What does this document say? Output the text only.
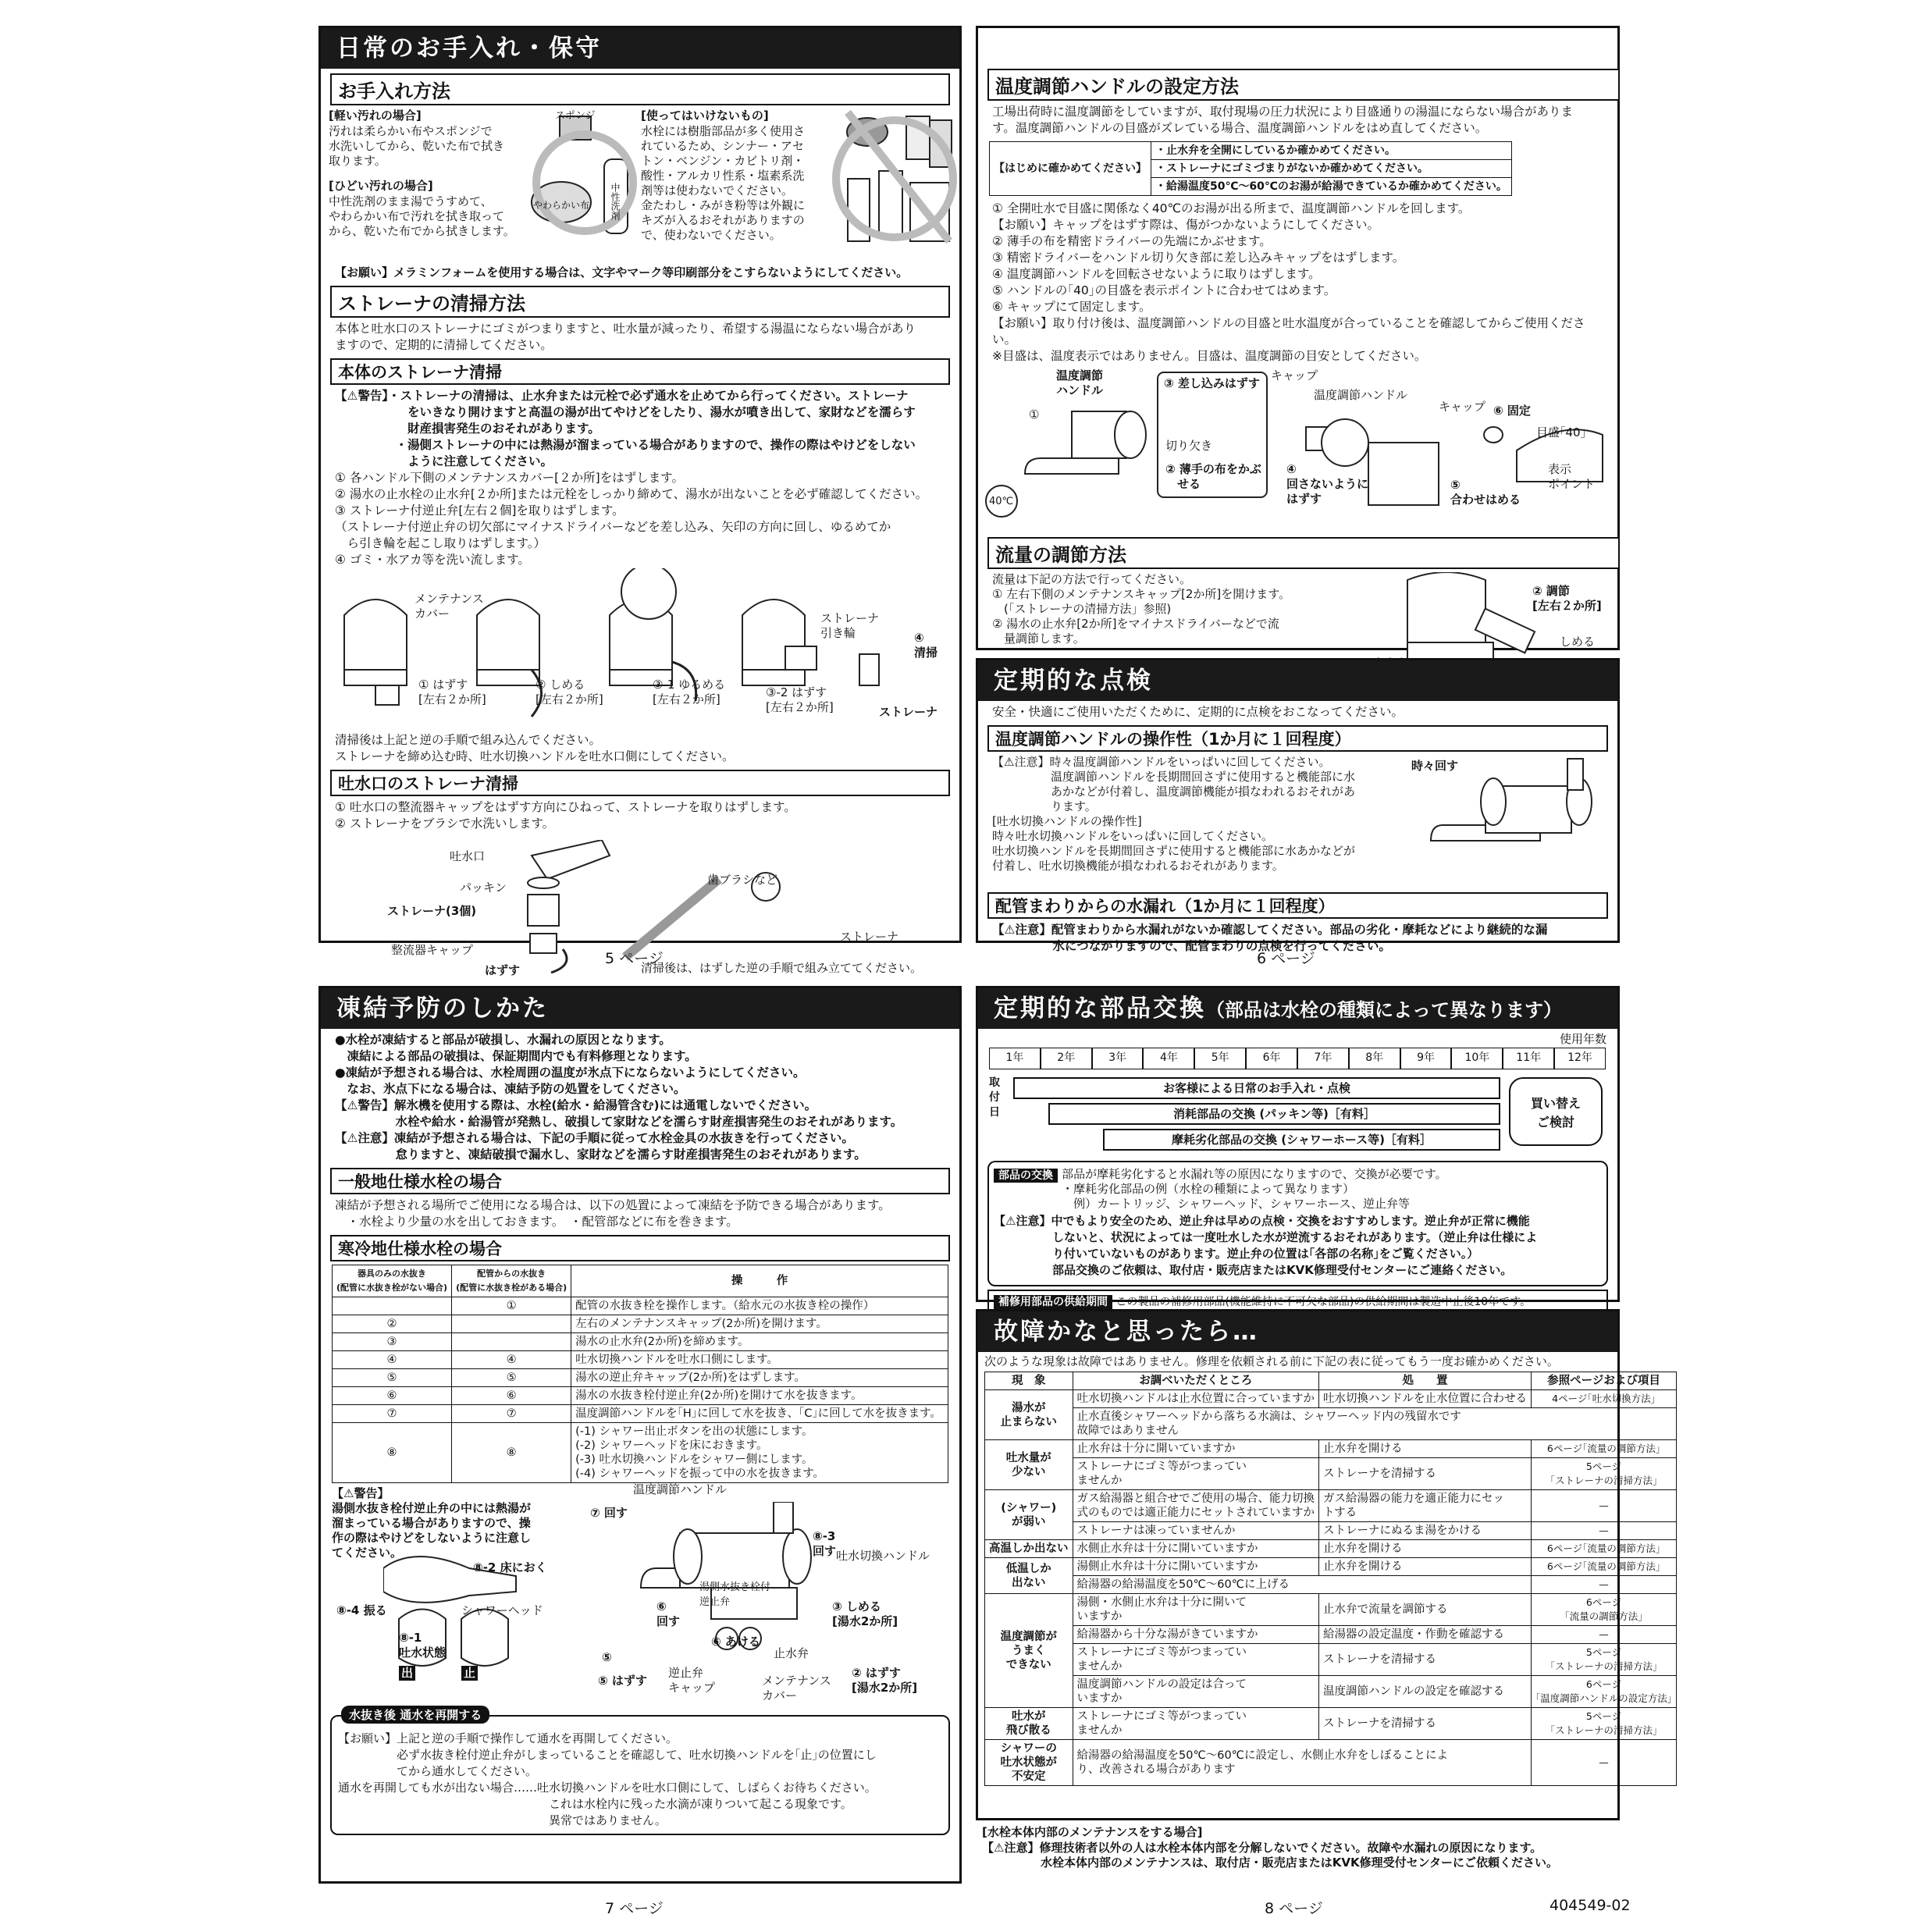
日常のお手入れ・保守
お手入れ方法
[軽い汚れの場合]
汚れは柔らかい布やスポンジで
水洗いしてから、乾いた布で拭き
取ります。
[ひどい汚れの場合]
中性洗剤のまま湯でうすめて、
やわらかい布で汚れを拭き取って
から、乾いた布でから拭きします。
スポンジ
やわらかい布 中性洗剤
[使ってはいけないもの]
水栓には樹脂部品が多く使用さ
れているため、シンナー・アセ
トン・ベンジン・カビトリ剤・
酸性・アルカリ性系・塩素系洗
剤等は使わないでください。
金たわし・みがき粉等は外観に
キズが入るおそれがありますの
で、使わないでください。
【お願い】メラミンフォームを使用する場合は、文字やマーク等印刷部分をこすらないようにしてください。
ストレーナの清掃方法
本体と吐水口のストレーナにゴミがつまりますと、吐水量が減ったり、希望する湯温にならない場合があり
ますので、定期的に清掃してください。
本体のストレーナ清掃
【⚠警告】・ストレーナの清掃は、止水弁または元栓で必ず通水を止めてから行ってください。ストレーナ
　　　　　　をいきなり開けますと高温の湯が出てやけどをしたり、湯水が噴き出して、家財などを濡らす
　　　　　　財産損害発生のおそれがあります。
　　　　　・湯側ストレーナの中には熱湯が溜まっている場合がありますので、操作の際はやけどをしない
　　　　　　ように注意してください。
① 各ハンドル下側のメンテナンスカバー[２か所]をはずします。
② 湯水の止水栓の止水弁[２か所]または元栓をしっかり締めて、湯水が出ないことを必ず確認してください。
③ ストレーナ付逆止弁[左右２個]を取りはずします。
（ストレーナ付逆止弁の切欠部にマイナスドライバーなどを差し込み、矢印の方向に回し、ゆるめてか
　ら引き輪を起こし取りはずします。）
④ ゴミ・水アカ等を洗い流します。
メンテナンス
カバー
① はずす
[左右２か所]
② しめる
[左右２か所]
③-1 ゆるめる
[左右２か所]	③-2 はずす
[左右２か所]
ストレーナ
引き輪	④
清掃
ストレーナ
清掃後は上記と逆の手順で組み込んでください。
ストレーナを締め込む時、吐水切換ハンドルを吐水口側にしてください。
吐水口のストレーナ清掃
① 吐水口の整流器キャップをはずす方向にひねって、ストレーナを取りはずします。
② ストレーナをブラシで水洗いします。
吐水口
パッキン
ストレーナ(3個)
整流器キャップ
はずす
歯ブラシなど
ストレーナ
清掃後は、はずした逆の手順で組み立ててください。
5 ページ
温度調節ハンドルの設定方法
工場出荷時に温度調節をしていますが、取付現場の圧力状況により目盛通りの湯温にならない場合がありま
す。温度調節ハンドルの目盛がズレている場合、温度調節ハンドルをはめ直してください。
【はじめに確かめてください】	・止水弁を全開にしているか確かめてください。
・ストレーナにゴミづまりがないか確かめてください。
・給湯温度50℃～60℃のお湯が給湯できているか確かめてください。
① 全開吐水で目盛に関係なく40℃のお湯が出る所まで、温度調節ハンドルを回します。
【お願い】キャップをはずす際は、傷がつかないようにしてください。
② 薄手の布を精密ドライバーの先端にかぶせます。
③ 精密ドライバーをハンドル切り欠き部に差し込みキャップをはずします。
④ 温度調節ハンドルを回転させないように取りはずします。
⑤ ハンドルの｢40｣の目盛を表示ポイントに合わせてはめます。
⑥ キャップにて固定します。
【お願い】取り付け後は、温度調節ハンドルの目盛と吐水温度が合っていることを確認してからご使用ください。
※目盛は、温度表示ではありません。目盛は、温度調節の目安としてください。
温度調節
ハンドル
①
40℃
③ 差し込みはずす
切り欠き
② 薄手の布をかぶ
　せる
キャップ
温度調節ハンドル
④
回さないように
はずす
キャップ ⑥ 固定
目盛｢40｣
表示
ポイント
⑤
合わせはめる
流量の調節方法
流量は下記の方法で行ってください。
① 左右下側のメンテナンスキャップ[2か所]を開けます。
　(「ストレーナの清掃方法」参照)
② 湯水の止水弁[2か所]をマイナスドライバーなどで流
　量調節します。
② 調節
[左右２か所]
しめる
定期的な点検
安全・快適にご使用いただくために、定期的に点検をおこなってください。
温度調節ハンドルの操作性（1か月に１回程度）
【⚠注意】時々温度調節ハンドルをいっぱいに回してください。
　　　　　温度調節ハンドルを長期間回さずに使用すると機能部に水
　　　　　あかなどが付着し、温度調節機能が損なわれるおそれがあ
　　　　　ります。
[吐水切換ハンドルの操作性]
時々吐水切換ハンドルをいっぱいに回してください。
吐水切換ハンドルを長期間回さずに使用すると機能部に水あかなどが
付着し、吐水切換機能が損なわれるおそれがあります。
時々回す
配管まわりからの水漏れ（1か月に１回程度）
【⚠注意】配管まわりから水漏れがないか確認してください。部品の劣化・摩耗などにより継続的な漏
　　　　　水につながりますので、配管まわりの点検を行ってください。
6 ページ
凍結予防のしかた
●水栓が凍結すると部品が破損し、水漏れの原因となります。
　凍結による部品の破損は、保証期間内でも有料修理となります。
●凍結が予想される場合は、水栓周囲の温度が氷点下にならないようにしてください。
　なお、氷点下になる場合は、凍結予防の処置をしてください。
【⚠警告】解氷機を使用する際は、水栓(給水・給湯管含む)には通電しないでください。
　　　　　水栓や給水・給湯管が発熱し、破損して家財などを濡らす財産損害発生のおそれがあります。
【⚠注意】凍結が予想される場合は、下記の手順に従って水栓金具の水抜きを行ってください。
　　　　　怠りますと、凍結破損で漏水し、家財などを濡らす財産損害発生のおそれがあります。
一般地仕様水栓の場合
凍結が予想される場所でご使用になる場合は、以下の処置によって凍結を予防できる場合があります。
　・水栓より少量の水を出しておきます。　・配管部などに布を巻きます。
寒冷地仕様水栓の場合
器具のみの水抜き
(配管に水抜き栓がない場合)	配管からの水抜き
(配管に水抜き栓がある場合)	操　　　作
	①	配管の水抜き栓を操作します。（給水元の水抜き栓の操作）
②		左右のメンテナンスキャップ(2か所)を開けます。
③		湯水の止水弁(2か所)を締めます。
④	④	吐水切換ハンドルを吐水口側にします。
⑤	⑤	湯水の逆止弁キャップ(2か所)をはずします。
⑥	⑥	湯水の水抜き栓付逆止弁(2か所)を開けて水を抜きます。
⑦	⑦	温度調節ハンドルを｢H｣に回して水を抜き、｢C｣に回して水を抜きます。
⑧	⑧	(-1) シャワー出止ボタンを出の状態にします。
(-2) シャワーヘッドを床におきます。
(-3) 吐水切換ハンドルをシャワー側にします。
(-4) シャワーヘッドを振って中の水を抜きます。
【⚠警告】
湯側水抜き栓付逆止弁の中には熱湯が
溜まっている場合がありますので、操
作の際はやけどをしないように注意し
てください。
温度調節ハンドル
⑦ 回す
⑧-3
回す 吐水切換ハンドル
⑧-2 床におく
湯側水抜き栓付
逆止弁
⑧-4 振る	シャワーヘッド	③ しめる
[湯水2か所]
⑥
回す
⑥ あける
止水弁
⑧-1
吐水状態
出	止
⑤
⑤ はずす
逆止弁
キャップ	メンテナンス
カバー
② はずす
[湯水2か所]
水抜き後 通水を再開する
【お願い】上記と逆の手順で操作して通水を再開してください。
　　　　　必ず水抜き栓付逆止弁がしまっていることを確認して、吐水切換ハンドルを｢止｣の位置にし
　　　　　てから通水してください。
通水を再開しても水が出ない場合……吐水切換ハンドルを吐水口側にして、しばらくお待ちください。
　　　　　　　　　　　　　　　　　　これは水栓内に残った水滴が凍りついて起こる現象です。
　　　　　　　　　　　　　　　　　　異常ではありません。
7 ページ
定期的な部品交換（部品は水栓の種類によって異なります）
使用年数
1年	2年	3年	4年	5年	6年	7年	8年	9年	10年	11年	12年
取
付
日
お客様による日常のお手入れ・点検
消耗部品の交換 (パッキン等)［有料］
摩耗劣化部品の交換 (シャワーホース等)［有料］
買い替え
ご検討
部品の交換 部品が摩耗劣化すると水漏れ等の原因になりますので、交換が必要です。
・摩耗劣化部品の例（水栓の種類によって異なります）
　例）カートリッジ、シャワーヘッド、シャワーホース、逆止弁等
【⚠注意】中でもより安全のため、逆止弁は早めの点検・交換をおすすめします。逆止弁が正常に機能
　　　　　しないと、状況によっては一度吐水した水が逆流するおそれがあります。（逆止弁は仕様によ
　　　　　り付いていないものがあります。逆止弁の位置は｢各部の名称｣をご覧ください。）
　　　　　部品交換のご依頼は、取付店・販売店またはKVK修理受付センターにご連絡ください。
補修用部品の供給期間 この製品の補修用部品(機能維持に不可欠な部品)の供給期間は製造中止後10年です。
故障かなと思ったら…
次のような現象は故障ではありません。修理を依頼される前に下記の表に従ってもう一度お確かめください。
現　象	お調べいただくところ	処　　置	参照ページおよび項目
湯水が
止まらない	吐水切換ハンドルは止水位置に合っていますか	吐水切換ハンドルを止水位置に合わせる	4ページ｢吐水切換方法｣
	止水直後シャワーヘッドから落ちる水滴は、シャワーヘッド内の残留水です
故障ではありません		
吐水量が
少ない	止水弁は十分に開いていますか	止水弁を開ける	6ページ｢流量の調節方法｣
	ストレーナにゴミ等がつまってい
ませんか	ストレーナを清掃する	5ページ
｢ストレーナの清掃方法｣
(シャワー)
が弱い	ガス給湯器と組合せでご使用の場合、能力切換
式のものでは適正能力にセットされていますか	ガス給湯器の能力を適正能力にセッ
トする	—
	ストレーナは凍っていませんか	ストレーナにぬるま湯をかける	—
高温しか出ない	水側止水弁は十分に開いていますか	止水弁を開ける	6ページ｢流量の調節方法｣
低温しか
出ない	湯側止水弁は十分に開いていますか	止水弁を開ける	6ページ｢流量の調節方法｣
	給湯器の給湯温度を50℃～60℃に上げる		—
温度調節が
うまく
できない	湯側・水側止水弁は十分に開いて
いますか	止水弁で流量を調節する	6ページ
｢流量の調節方法｣
	給湯器から十分な湯がきていますか	給湯器の設定温度・作動を確認する	—
	ストレーナにゴミ等がつまってい
ませんか	ストレーナを清掃する	5ページ
｢ストレーナの清掃方法｣
	温度調節ハンドルの設定は合って
いますか	温度調節ハンドルの設定を確認する	6ページ
｢温度調節ハンドルの設定方法｣
吐水が
飛び散る	ストレーナにゴミ等がつまってい
ませんか	ストレーナを清掃する	5ページ
｢ストレーナの清掃方法｣
シャワーの
吐水状態が
不安定	給湯器の給湯温度を50℃～60℃に設定し、水側止水弁をしぼることによ
り、改善される場合があります		—
[水栓本体内部のメンテナンスをする場合]
【⚠注意】修理技術者以外の人は水栓本体内部を分解しないでください。故障や水漏れの原因になります。
　　　　　水栓本体内部のメンテナンスは、取付店・販売店またはKVK修理受付センターにご依頼ください。
8 ページ	404549-02
